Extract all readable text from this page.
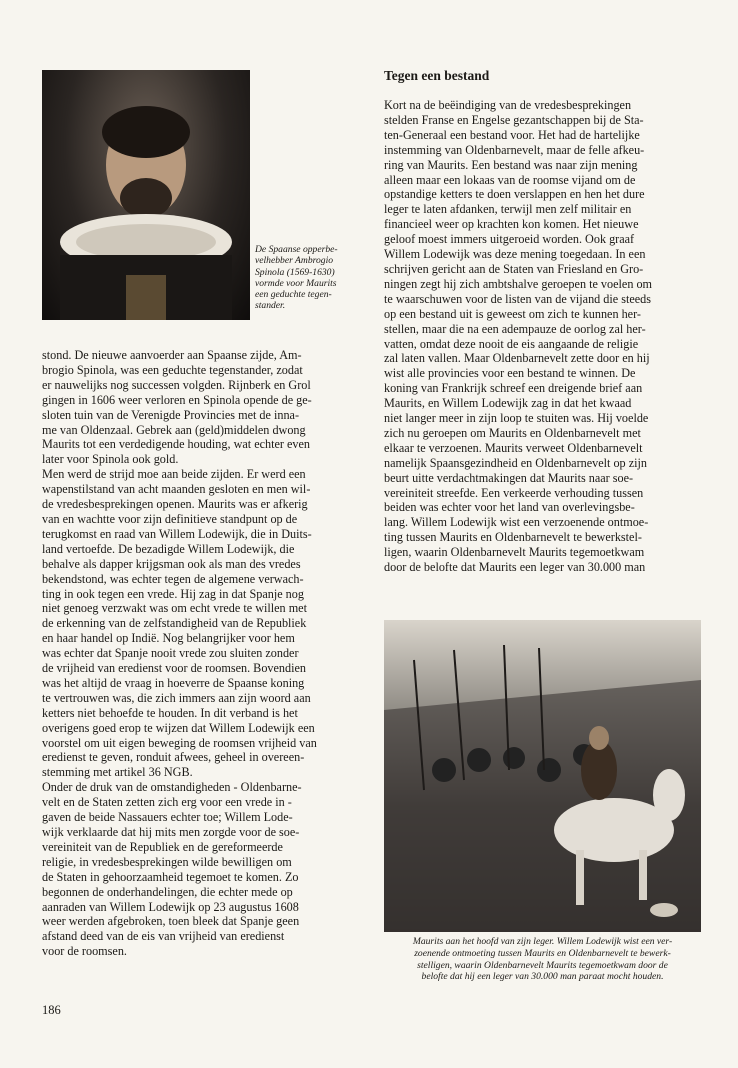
De Spaanse opperbe-
velhebber Ambrogio
Spinola (1569-1630)
vormde voor Maurits
een geduchte tegen-
stander.

stond. De nieuwe aanvoerder aan Spaanse zijde, Am-
brogio Spinola, was een geduchte tegenstander, zodat
er nauwelijks nog successen volgden. Rijnberk en Grol
gingen in 1606 weer verloren en Spinola opende de ge-
sloten tuin van de Verenigde Provincies met de inna-
me van Oldenzaal. Gebrek aan (geld)middelen dwong
Maurits tot een verdedigende houding, wat echter even
later voor Spinola ook gold.

Men werd de strijd moe aan beide zijden. Er werd een
wapenstilstand van acht maanden gesloten en men wil-
de vredesbesprekingen openen. Maurits was er afkerig
van en wachtte voor zijn definitieve standpunt op de
terugkomst en raad van Willem Lodewijk, die in Duits-
land vertoefde. De bezadigde Willem Lodewijk, die
behalve als dapper krijgsman ook als man des vredes
bekendstond, was echter tegen de algemene verwach-
ting in ook tegen een vrede. Hij zag in dat Spanje nog
niet genoeg verzwakt was om echt vrede te willen met
de erkenning van de zelfstandigheid van de Republiek
en haar handel op Indië. Nog belangrijker voor hem
was echter dat Spanje nooit vrede zou sluiten zonder
de vrijheid van eredienst voor de roomsen. Bovendien
was het altijd de vraag in hoeverre de Spaanse koning
te vertrouwen was, die zich immers aan zijn woord aan
ketters niet behoefde te houden. In dit verband is het
overigens goed erop te wijzen dat Willem Lodewijk een
voorstel om uit eigen beweging de roomsen vrijheid van
eredienst te geven, ronduit afwees, geheel in overeen-
stemming met artikel 36 NGB.

Onder de druk van de omstandigheden - Oldenbarne-
velt en de Staten zetten zich erg voor een vrede in -
gaven de beide Nassauers echter toe; Willem Lode-
wijk verklaarde dat hij mits men zorgde voor de soe-
vereiniteit van de Republiek en de gereformeerde
religie, in vredesbesprekingen wilde bewilligen om
de Staten in gehoorzaamheid tegemoet te komen. Zo
begonnen de onderhandelingen, die echter mede op
aanraden van Willem Lodewijk op 23 augustus 1608
weer werden afgebroken, toen bleek dat Spanje geen
afstand deed van de eis van vrijheid van eredienst
voor de roomsen.

Tegen een bestand

Kort na de beëindiging van de vredesbesprekingen
stelden Franse en Engelse gezantschappen bij de Sta-
ten-Generaal een bestand voor. Het had de hartelijke
instemming van Oldenbarnevelt, maar de felle afkeu-
ring van Maurits. Een bestand was naar zijn mening
alleen maar een lokaas van de roomse vijand om de
opstandige ketters te doen verslappen en hen het dure
leger te laten afdanken, terwijl men zelf militair en
financieel weer op krachten kon komen. Het nieuwe
geloof moest immers uitgeroeid worden. Ook graaf
Willem Lodewijk was deze mening toegedaan. In een
schrijven gericht aan de Staten van Friesland en Gro-
ningen zegt hij zich ambtshalve geroepen te voelen om
te waarschuwen voor de listen van de vijand die steeds
op een bestand uit is geweest om zich te kunnen her-
stellen, maar die na een adempauze de oorlog zal her-
vatten, omdat deze nooit de eis aangaande de religie
zal laten vallen. Maar Oldenbarnevelt zette door en hij
wist alle provincies voor een bestand te winnen. De
koning van Frankrijk schreef een dreigende brief aan
Maurits, en Willem Lodewijk zag in dat het kwaad
niet langer meer in zijn loop te stuiten was. Hij voelde
zich nu geroepen om Maurits en Oldenbarnevelt met
elkaar te verzoenen. Maurits verweet Oldenbarnevelt
namelijk Spaansgezindheid en Oldenbarnevelt op zijn
beurt uitte verdachtmakingen dat Maurits naar soe-
vereiniteit streefde. Een verkeerde verhouding tussen
beiden was echter voor het land van overlevingsbe-
lang. Willem Lodewijk wist een verzoenende ontmoe-
ting tussen Maurits en Oldenbarnevelt te bewerkstel-
ligen, waarin Oldenbarnevelt Maurits tegemoetkwam
door de belofte dat Maurits een leger van 30.000 man

Maurits aan het hoofd van zijn leger. Willem Lodewijk wist een ver-
zoenende ontmoeting tussen Maurits en Oldenbarnevelt te bewerk-
stelligen, waarin Oldenbarnevelt Maurits tegemoetkwam door de
belofte dat hij een leger van 30.000 man paraat mocht houden.

186
